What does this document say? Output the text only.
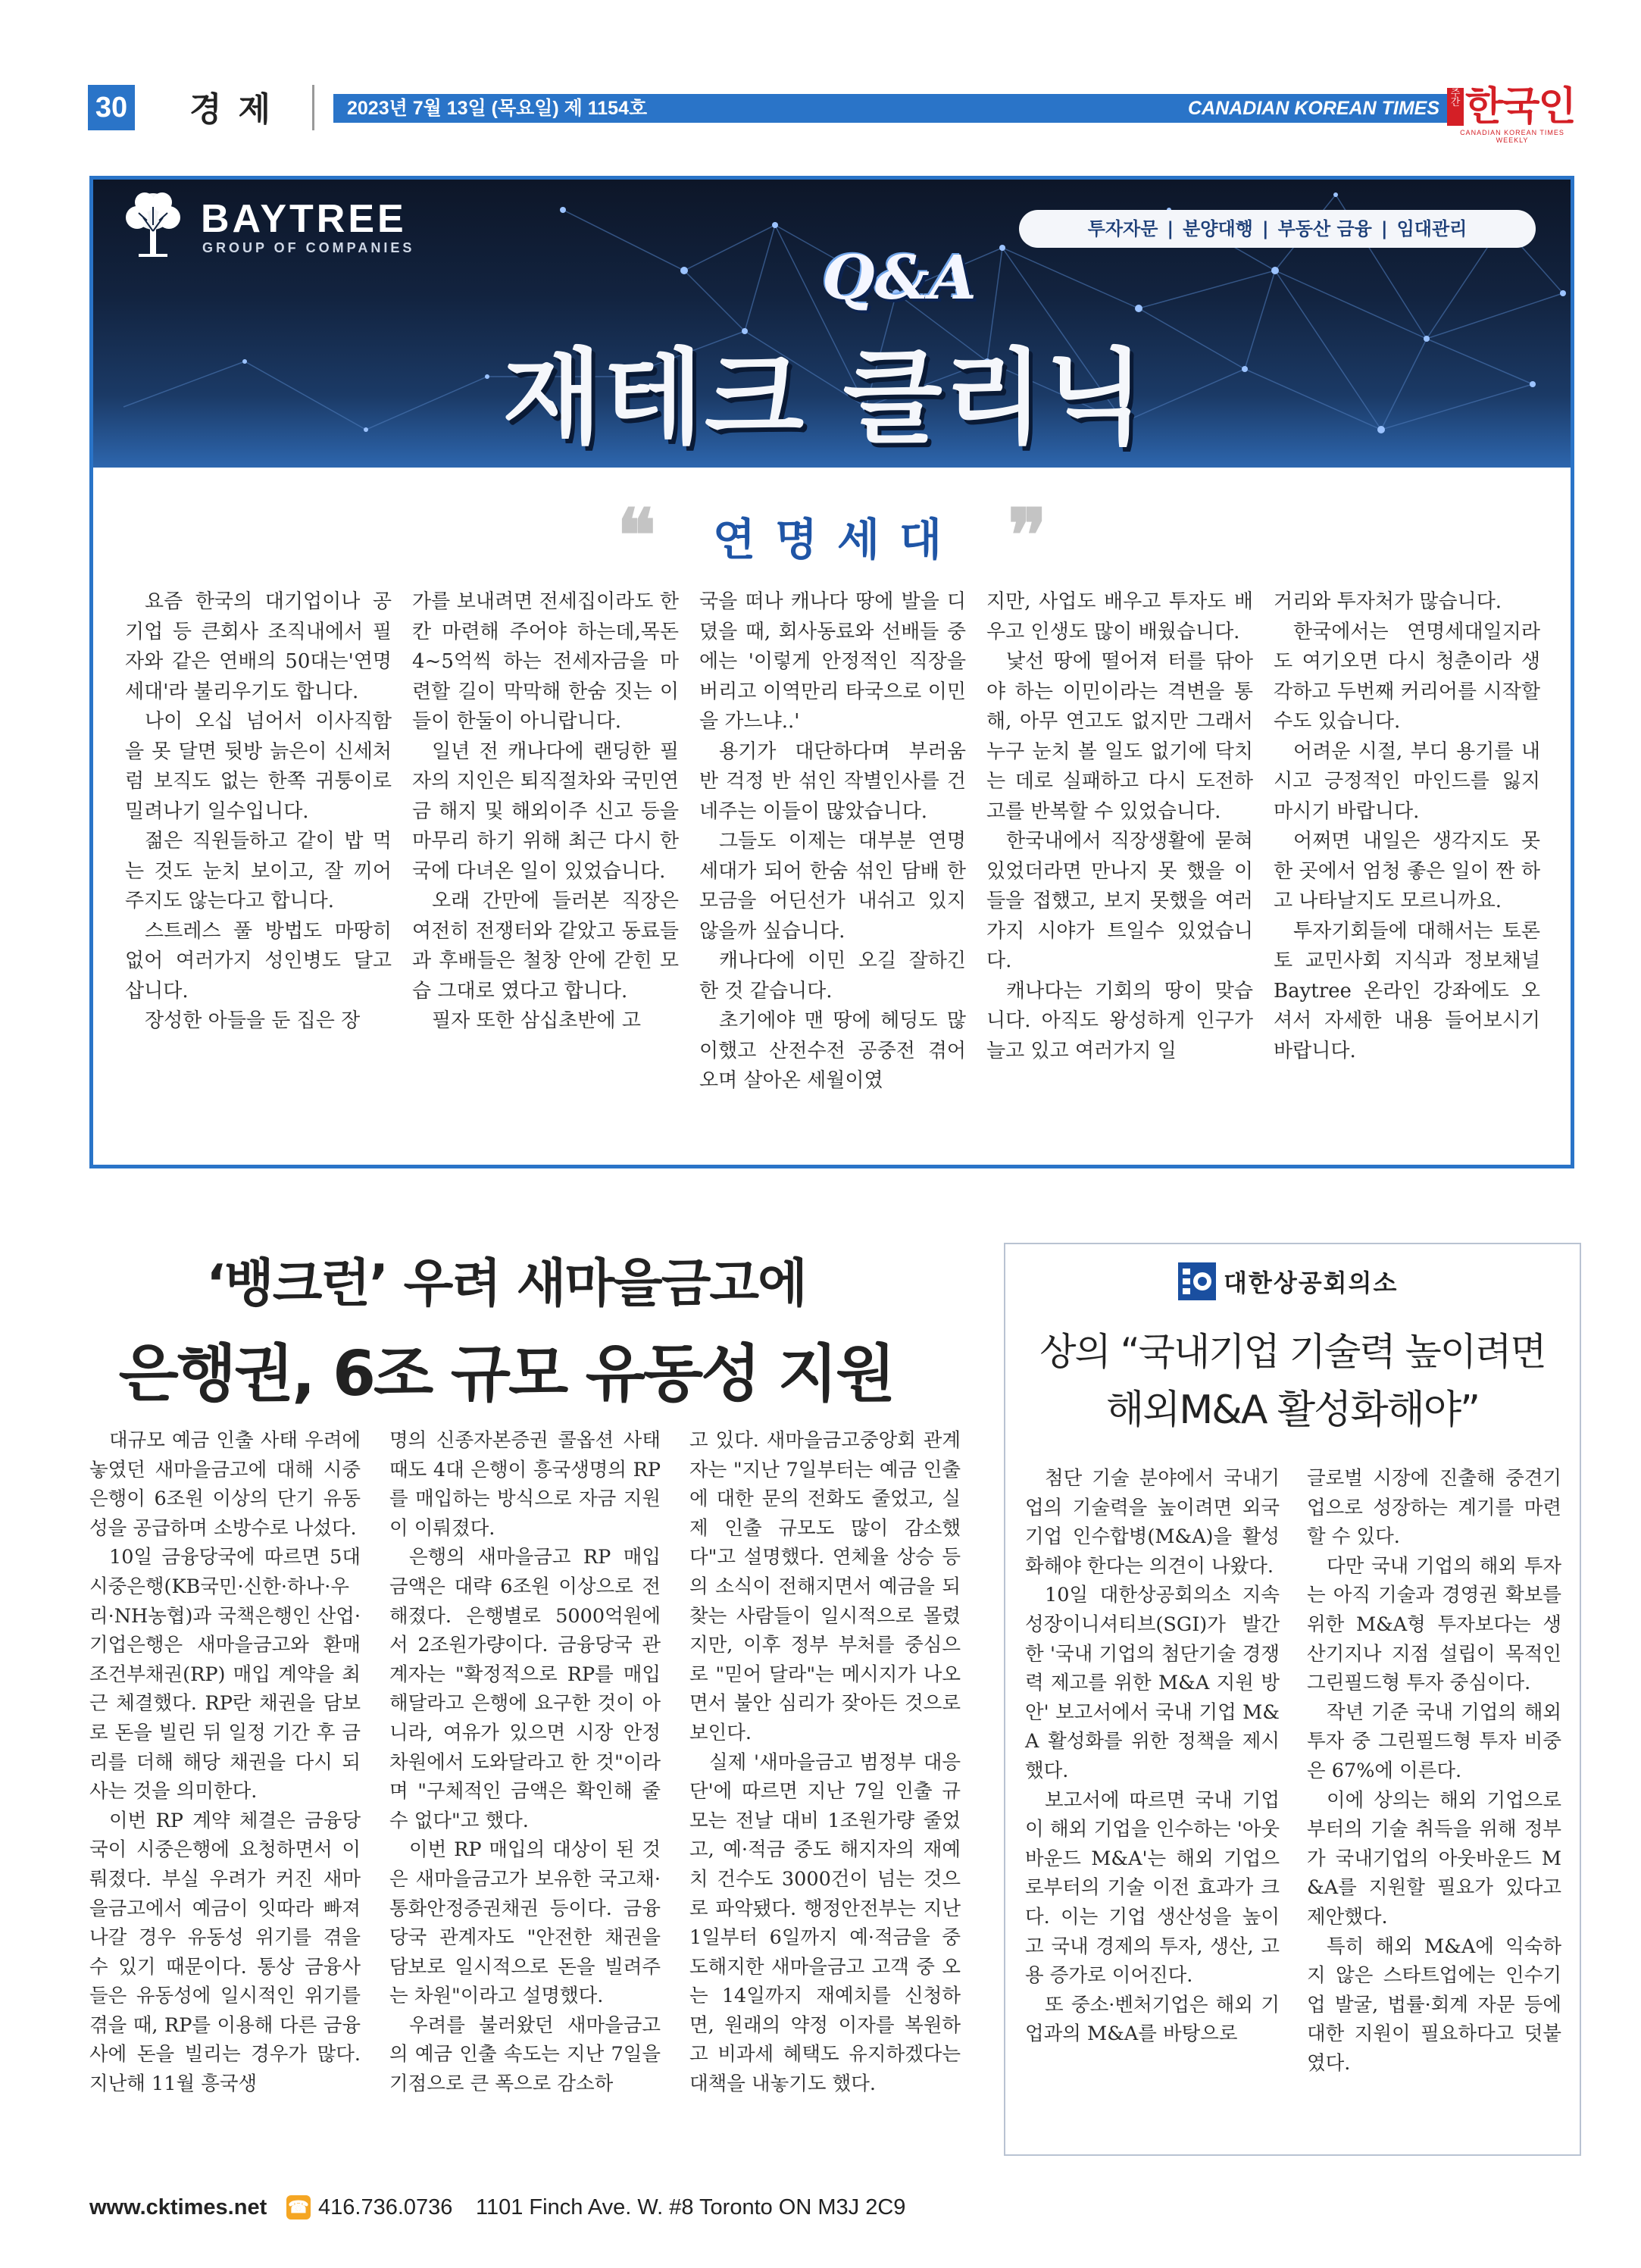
30 경제	2023년 7월 13일 (목요일) 제 1154호	CANADIAN KOREAN TIMES
주간 한국인
CANADIAN KOREAN TIMES WEEKLY
BAYTREE
GROUP OF COMPANIES
투자자문 | 분양대행 | 부동산 금융 | 임대관리
Q&A
재테크 클리닉
❝ 연명세대 ❞

요즘 한국의 대기업이나 공기업 등 큰회사 조직내에서 필자와 같은 연배의 50대는'연명세대'라 불리우기도 합니다.

나이 오십 넘어서 이사직함을 못 달면 뒷방 늙은이 신세처럼 보직도 없는 한쪽 귀퉁이로 밀려나기 일수입니다.

젊은 직원들하고 같이 밥 먹는 것도 눈치 보이고, 잘 끼어 주지도 않는다고 합니다.

스트레스 풀 방법도 마땅히 없어 여러가지 성인병도 달고 삽니다.

장성한 아들을 둔 집은 장

가를 보내려면 전세집이라도 한 칸 마련해 주어야 하는데,목돈 4~5억씩 하는 전세자금을 마련할 길이 막막해 한숨 짓는 이들이 한둘이 아니랍니다.

일년 전 캐나다에 랜딩한 필자의 지인은 퇴직절차와 국민연금 해지 및 해외이주 신고 등을 마무리 하기 위해 최근 다시 한국에 다녀온 일이 있었습니다.

오래 간만에 들러본 직장은여전히 전쟁터와 같았고 동료들과 후배들은 철창 안에 갇힌 모습 그대로 였다고 합니다.

필자 또한 삼십초반에 고

국을 떠나 캐나다 땅에 발을 디뎠을 때, 회사동료와 선배들 중에는 '이렇게 안정적인 직장을 버리고 이역만리 타국으로 이민을 가느냐..'

용기가 대단하다며 부러움 반 걱정 반 섞인 작별인사를 건네주는 이들이 많았습니다.

그들도 이제는 대부분 연명세대가 되어 한숨 섞인 담배 한모금을 어딘선가 내쉬고 있지 않을까 싶습니다.

캐나다에 이민 오길 잘하긴 한 것 같습니다.

초기에야 맨 땅에 헤딩도 많이했고 산전수전 공중전 겪어 오며 살아온 세월이였

지만, 사업도 배우고 투자도 배우고 인생도 많이 배웠습니다.

낯선 땅에 떨어져 터를 닦아야 하는 이민이라는 격변을 통해, 아무 연고도 없지만 그래서 누구 눈치 볼 일도 없기에 닥치는 데로 실패하고 다시 도전하고를 반복할 수 있었습니다.

한국내에서 직장생활에 묻혀 있었더라면 만나지 못 했을 이들을 접했고, 보지 못했을 여러가지 시야가 트일수 있었습니다.

캐나다는 기회의 땅이 맞습니다. 아직도 왕성하게 인구가 늘고 있고 여러가지 일

거리와 투자처가 많습니다.

한국에서는 연명세대일지라도 여기오면 다시 청춘이라 생각하고 두번째 커리어를 시작할 수도 있습니다.

어려운 시절, 부디 용기를 내시고 긍정적인 마인드를 잃지 마시기 바랍니다.

어쩌면 내일은 생각지도 못한 곳에서 엄청 좋은 일이 짠 하고 나타날지도 모르니까요.

투자기회들에 대해서는 토론토 교민사회 지식과 정보채널 Baytree 온라인 강좌에도 오셔서 자세한 내용 들어보시기 바랍니다.

‘뱅크런’ 우려 새마을금고에
은행권, 6조 규모 유동성 지원

대규모 예금 인출 사태 우려에 놓였던 새마을금고에 대해 시중은행이 6조원 이상의 단기 유동성을 공급하며 소방수로 나섰다.

10일 금융당국에 따르면 5대 시중은행(KB국민·신한·하나·우리·NH농협)과 국책은행인 산업·기업은행은 새마을금고와 환매조건부채권(RP) 매입 계약을 최근 체결했다. RP란 채권을 담보로 돈을 빌린 뒤 일정 기간 후 금리를 더해 해당 채권을 다시 되사는 것을 의미한다.

이번 RP 계약 체결은 금융당국이 시중은행에 요청하면서 이뤄졌다. 부실 우려가 커진 새마을금고에서 예금이 잇따라 빠져나갈 경우 유동성 위기를 겪을 수 있기 때문이다. 통상 금융사들은 유동성에 일시적인 위기를 겪을 때, RP를 이용해 다른 금융사에 돈을 빌리는 경우가 많다. 지난해 11월 흥국생

명의 신종자본증권 콜옵션 사태 때도 4대 은행이 흥국생명의 RP를 매입하는 방식으로 자금 지원이 이뤄졌다.

은행의 새마을금고 RP 매입 금액은 대략 6조원 이상으로 전해졌다. 은행별로 5000억원에서 2조원가량이다. 금융당국 관계자는 "확정적으로 RP를 매입해달라고 은행에 요구한 것이 아니라, 여유가 있으면 시장 안정 차원에서 도와달라고 한 것"이라며 "구체적인 금액은 확인해 줄 수 없다"고 했다.

이번 RP 매입의 대상이 된 것은 새마을금고가 보유한 국고채·통화안정증권채권 등이다. 금융당국 관계자도 "안전한 채권을 담보로 일시적으로 돈을 빌려주는 차원"이라고 설명했다.

우려를 불러왔던 새마을금고의 예금 인출 속도는 지난 7일을 기점으로 큰 폭으로 감소하

고 있다. 새마을금고중앙회 관계자는 "지난 7일부터는 예금 인출에 대한 문의 전화도 줄었고, 실제 인출 규모도 많이 감소했다"고 설명했다. 연체율 상승 등의 소식이 전해지면서 예금을 되찾는 사람들이 일시적으로 몰렸지만, 이후 정부 부처를 중심으로 "믿어 달라"는 메시지가 나오면서 불안 심리가 잦아든 것으로 보인다.

실제 '새마을금고 범정부 대응단'에 따르면 지난 7일 인출 규모는 전날 대비 1조원가량 줄었고, 예·적금 중도 해지자의 재예치 건수도 3000건이 넘는 것으로 파악됐다. 행정안전부는 지난 1일부터 6일까지 예·적금을 중도해지한 새마을금고 고객 중 오는 14일까지 재예치를 신청하면, 원래의 약정 이자를 복원하고 비과세 혜택도 유지하겠다는 대책을 내놓기도 했다.

대한상공회의소
상의 “국내기업 기술력 높이려면
해외M&A 활성화해야”

첨단 기술 분야에서 국내기업의 기술력을 높이려면 외국 기업 인수합병(M&A)을 활성화해야 한다는 의견이 나왔다.

10일 대한상공회의소 지속성장이니셔티브(SGI)가 발간한 '국내 기업의 첨단기술 경쟁력 제고를 위한 M&A 지원 방안' 보고서에서 국내 기업 M&A 활성화를 위한 정책을 제시했다.

보고서에 따르면 국내 기업이 해외 기업을 인수하는 '아웃바운드 M&A'는 해외 기업으로부터의 기술 이전 효과가 크다. 이는 기업 생산성을 높이고 국내 경제의 투자, 생산, 고용 증가로 이어진다.

또 중소·벤처기업은 해외 기업과의 M&A를 바탕으로

글로벌 시장에 진출해 중견기업으로 성장하는 계기를 마련할 수 있다.

다만 국내 기업의 해외 투자는 아직 기술과 경영권 확보를 위한 M&A형 투자보다는 생산기지나 지점 설립이 목적인 그린필드형 투자 중심이다.

작년 기준 국내 기업의 해외 투자 중 그린필드형 투자 비중은 67%에 이른다.

이에 상의는 해외 기업으로부터의 기술 취득을 위해 정부가 국내기업의 아웃바운드 M&A를 지원할 필요가 있다고 제안했다.

특히 해외 M&A에 익숙하지 않은 스타트업에는 인수기업 발굴, 법률·회계 자문 등에 대한 지원이 필요하다고 덧붙였다.

www.cktimes.net ☎ 416.736.0736 1101 Finch Ave. W. #8 Toronto ON M3J 2C9
